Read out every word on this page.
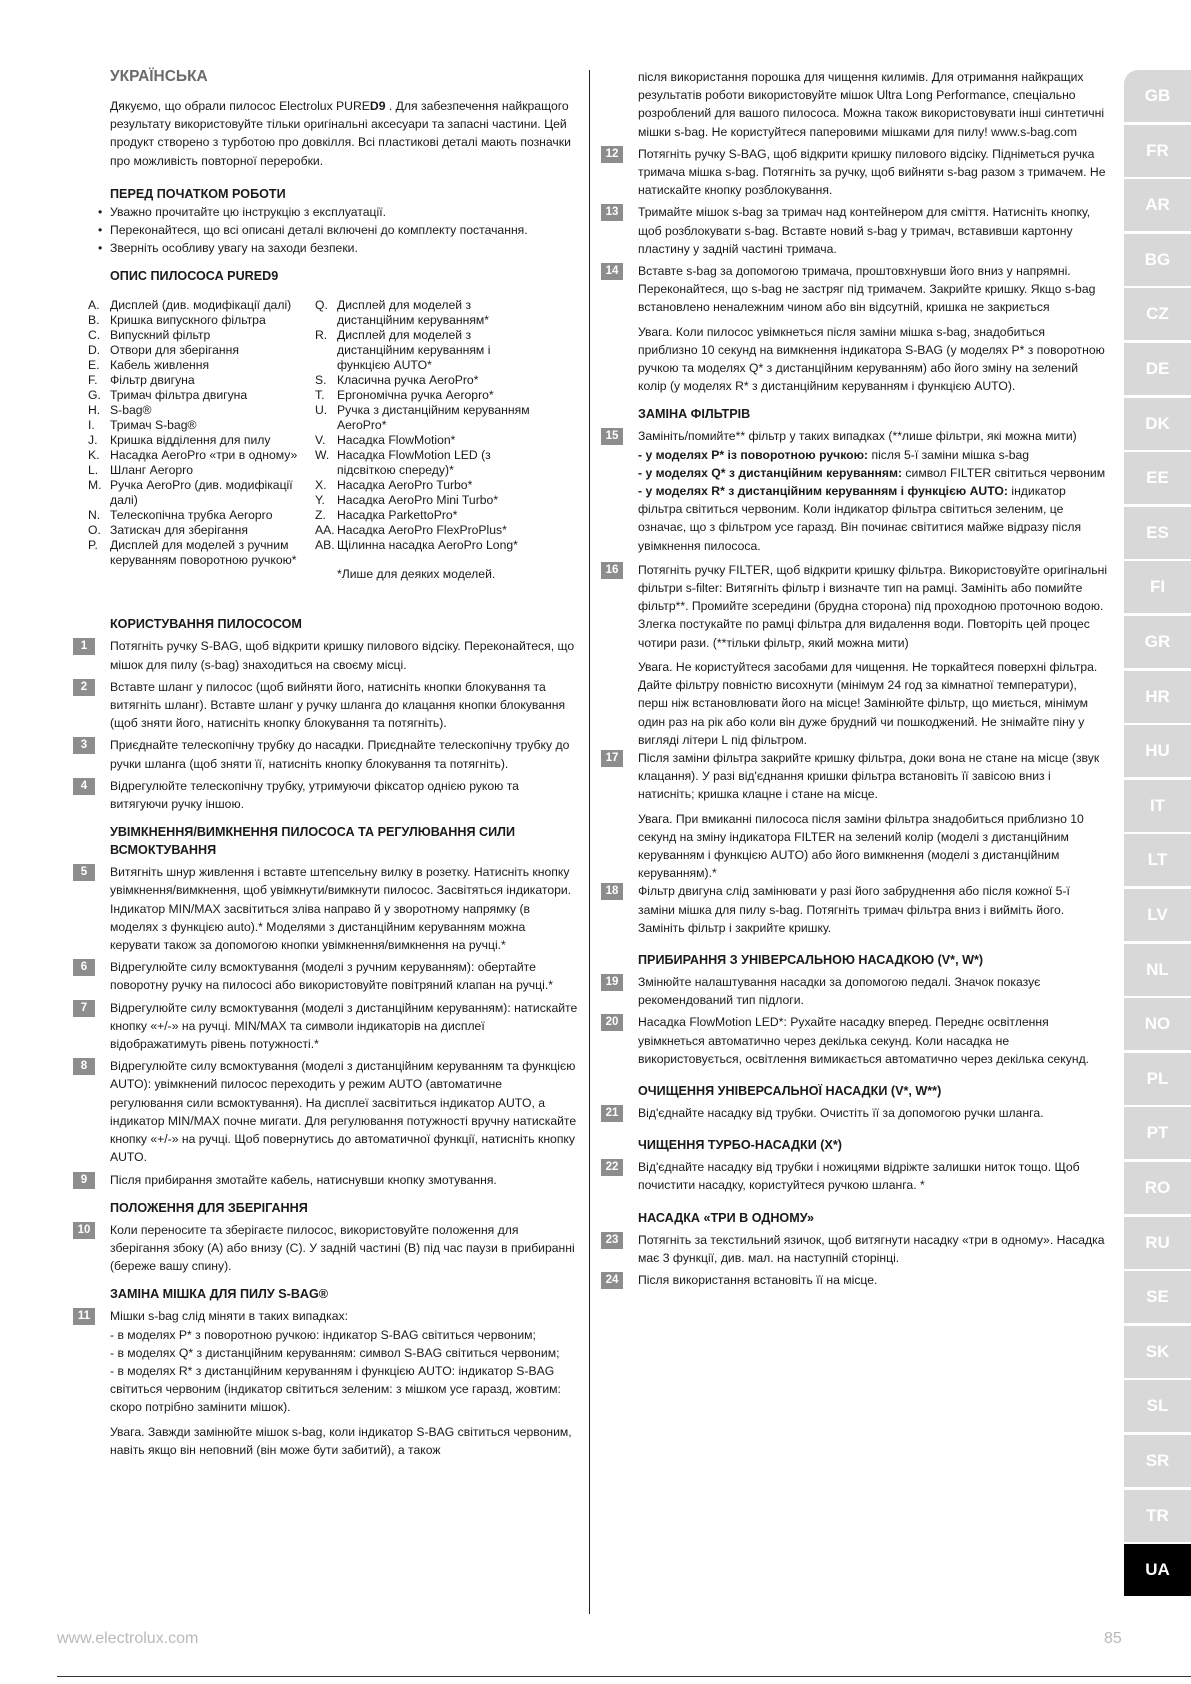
УКРАЇНСЬКА

Дякуємо, що обрали пилосос Electrolux PURED9 . Для забезпечення найкращого результату використовуйте тільки оригінальні аксесуари та запасні частини. Цей продукт створено з турботою про довкілля. Всі пластикові деталі мають позначки про можливість повторної переробки.

ПЕРЕД ПОЧАТКОМ РОБОТИ

• Уважно прочитайте цю інструкцію з експлуатації.
• Переконайтеся, що всі описані деталі включені до комплекту постачання.
• Зверніть особливу увагу на заходи безпеки.

ОПИС ПИЛОСОСА PURED9

A. Дисплей (див. модифікації далі)
B. Кришка випускного фільтра
C. Випускний фільтр
D. Отвори для зберігання
E. Кабель живлення
F. Фільтр двигуна
G. Тримач фільтра двигуна
H. S-bag®
I. Тримач S-bag®
J. Кришка відділення для пилу
K. Насадка AeroPro «три в одному»
L. Шланг Aeropro
M. Ручка AeroPro (див. модифікації
далі)
N. Телескопічна трубка Aeropro
O. Затискач для зберігання
P. Дисплей для моделей з ручним
керуванням поворотною ручкою*
Q. Дисплей для моделей з
дистанційним керуванням*
R. Дисплей для моделей з
дистанційним керуванням і
функцією AUTO*
S. Класична ручка AeroPro*
T. Ергономічна ручка Aeropro*
U. Ручка з дистанційним керуванням
AeroPro*
V. Насадка FlowMotion*
W. Насадка FlowMotion LED (з
підсвіткою спереду)*
X. Насадка AeroPro Turbo*
Y. Насадка AeroPro Mini Turbo*
Z. Насадка ParkettoPro*
AA. Насадка AeroPro FlexProPlus*
AB. Щілинна насадка AeroPro Long*
*Лише для деяких моделей.

КОРИСТУВАННЯ ПИЛОСОСОМ

1	Потягніть ручку S-BAG, щоб відкрити кришку пилового відсіку. Переконайтеся, що мішок для пилу (s-bag) знаходиться на своєму місці.

2	Вставте шланг у пилосос (щоб вийняти його, натисніть кнопки блокування та витягніть шланг). Вставте шланг у ручку шланга до клацання кнопки блокування (щоб зняти його, натисніть кнопку блокування та потягніть).

3	Приєднайте телескопічну трубку до насадки. Приєднайте телескопічну трубку до ручки шланга (щоб зняти її, натисніть кнопку блокування та потягніть).

4	Відрегулюйте телескопічну трубку, утримуючи фіксатор однією рукою та витягуючи ручку іншою.

УВІМКНЕННЯ/ВИМКНЕННЯ ПИЛОСОСА ТА РЕГУЛЮВАННЯ СИЛИ ВСМОКТУВАННЯ

5	Витягніть шнур живлення і вставте штепсельну вилку в розетку. Натисніть кнопку увімкнення/вимкнення, щоб увімкнути/вимкнути пилосос. Засвітяться індикатори. Індикатор MIN/MAX засвітиться зліва направо й у зворотному напрямку (в моделях з функцією auto).* Моделями з дистанційним керуванням можна керувати також за допомогою кнопки увімкнення/вимкнення на ручці.*

6	Відрегулюйте силу всмоктування (моделі з ручним керуванням): обертайте поворотну ручку на пилососі або використовуйте повітряний клапан на ручці.*

7	Відрегулюйте силу всмоктування (моделі з дистанційним керуванням): натискайте кнопку «+/-» на ручці. MIN/MAX та символи індикаторів на дисплеї відображатимуть рівень потужності.*

8	Відрегулюйте силу всмоктування (моделі з дистанційним керуванням та функцією AUTO): увімкнений пилосос переходить у режим AUTO (автоматичне регулювання сили всмоктування). На дисплеї засвітиться індикатор AUTO, а індикатор MIN/MAX почне мигати. Для регулювання потужності вручну натискайте кнопку «+/-» на ручці. Щоб повернутись до автоматичної функції, натисніть кнопку AUTO.

9	Після прибирання змотайте кабель, натиснувши кнопку змотування.

ПОЛОЖЕННЯ ДЛЯ ЗБЕРІГАННЯ

10	Коли переносите та зберігаєте пилосос, використовуйте положення для зберігання збоку (A) або внизу (C). У задній частині (B) під час паузи в прибиранні (береже вашу спину).

ЗАМІНА МІШКА ДЛЯ ПИЛУ S-BAG®

11	Мішки s-bag слід міняти в таких випадках:

- в моделях P* з поворотною ручкою: індикатор S-BAG світиться червоним;

- в моделях Q* з дистанційним керуванням: символ S-BAG світиться червоним;

- в моделях R* з дистанційним керуванням і функцією AUTO: індикатор S-BAG світиться червоним (індикатор світиться зеленим: з мішком усе гаразд, жовтим: скоро потрібно замінити мішок).

Увага. Завжди замінюйте мішок s-bag, коли індикатор S-BAG світиться червоним, навіть якщо він неповний (він може бути забитий), а також

після використання порошка для чищення килимів. Для отримання найкращих результатів роботи використовуйте мішок Ultra Long Performance, спеціально розроблений для вашого пилососа. Можна також використовувати інші синтетичні мішки s-bag. Не користуйтеся паперовими мішками для пилу! www.s-bag.com

12	Потягніть ручку S-BAG, щоб відкрити кришку пилового відсіку. Підніметься ручка тримача мішка s-bag. Потягніть за ручку, щоб вийняти s-bag разом з тримачем. Не натискайте кнопку розблокування.

13	Тримайте мішок s-bag за тримач над контейнером для сміття. Натисніть кнопку, щоб розблокувати s-bag. Вставте новий s-bag у тримач, вставивши картонну пластину у задній частині тримача.

14	Вставте s-bag за допомогою тримача, проштовхнувши його вниз у напрямні. Переконайтеся, що s-bag не застряг під тримачем. Закрийте кришку. Якщо s-bag встановлено неналежним чином або він відсутній, кришка не закриється

Увага. Коли пилосос увімкнеться після заміни мішка s-bag, знадобиться приблизно 10 секунд на вимкнення індикатора S-BAG (у моделях P* з поворотною ручкою та моделях Q* з дистанційним керуванням) або його зміну на зелений колір (у моделях R* з дистанційним керуванням і функцією AUTO).

ЗАМІНА ФІЛЬТРІВ

15	Замініть/помийте** фільтр у таких випадках (**лише фільтри, які можна мити)

- у моделях P* із поворотною ручкою: після 5-ї заміни мішка s-bag

- у моделях Q* з дистанційним керуванням: символ FILTER світиться червоним

- у моделях R* з дистанційним керуванням і функцією AUTO: індикатор фільтра світиться червоним. Коли індикатор фільтра світиться зеленим, це означає, що з фільтром усе гаразд. Він починає світитися майже відразу після увімкнення пилососа.

16	Потягніть ручку FILTER, щоб відкрити кришку фільтра. Використовуйте оригінальні фільтри s-filter: Витягніть фільтр і визначте тип на рамці. Замініть або помийте фільтр**. Промийте зсередини (брудна сторона) під проходною проточною водою. Злегка постукайте по рамці фільтра для видалення води. Повторіть цей процес чотири рази. (**тільки фільтр, який можна мити)

Увага. Не користуйтеся засобами для чищення. Не торкайтеся поверхні фільтра. Дайте фільтру повністю висохнути (мінімум 24 год за кімнатної температури), перш ніж встановлювати його на місце! Замінюйте фільтр, що миється, мінімум один раз на рік або коли він дуже брудний чи пошкоджений. Не знімайте піну у вигляді літери L під фільтром.

17	Після заміни фільтра закрийте кришку фільтра, доки вона не стане на місце (звук клацання). У разі від'єднання кришки фільтра встановіть її завісою вниз і натисніть; кришка клацне і стане на місце.

Увага. При вмиканні пилососа після заміни фільтра знадобиться приблизно 10 секунд на зміну індикатора FILTER на зелений колір (моделі з дистанційним керуванням і функцією AUTO) або його вимкнення (моделі з дистанційним керуванням).*

18	Фільтр двигуна слід замінювати у разі його забруднення або після кожної 5-ї заміни мішка для пилу s-bag. Потягніть тримач фільтра вниз і вийміть його. Замініть фільтр і закрийте кришку.

ПРИБИРАННЯ З УНІВЕРСАЛЬНОЮ НАСАДКОЮ (V*, W*)

19	Змінюйте налаштування насадки за допомогою педалі. Значок показує рекомендований тип підлоги.

20	Насадка FlowMotion LED*: Рухайте насадку вперед. Переднє освітлення увімкнеться автоматично через декілька секунд. Коли насадка не використовується, освітлення вимикається автоматично через декілька секунд.

ОЧИЩЕННЯ УНІВЕРСАЛЬНОЇ НАСАДКИ (V*, W**)

21	Від'єднайте насадку від трубки. Очистіть її за допомогою ручки шланга.

ЧИЩЕННЯ ТУРБО-НАСАДКИ (X*)

22	Від'єднайте насадку від трубки і ножицями відріжте залишки ниток тощо. Щоб почистити насадку, користуйтеся ручкою шланга. *

НАСАДКА «ТРИ В ОДНОМУ»

23	Потягніть за текстильний язичок, щоб витягнути насадку «три в одному». Насадка має 3 функції, див. мал. на наступній сторінці.

24	Після використання встановіть її на місце.

GB
FR
AR
BG
CZ
DE
DK
EE
ES
FI
GR
HR
HU
IT
LT
LV
NL
NO
PL
PT
RO
RU
SE
SK
SL
SR
TR
UA
www.electrolux.com	85
